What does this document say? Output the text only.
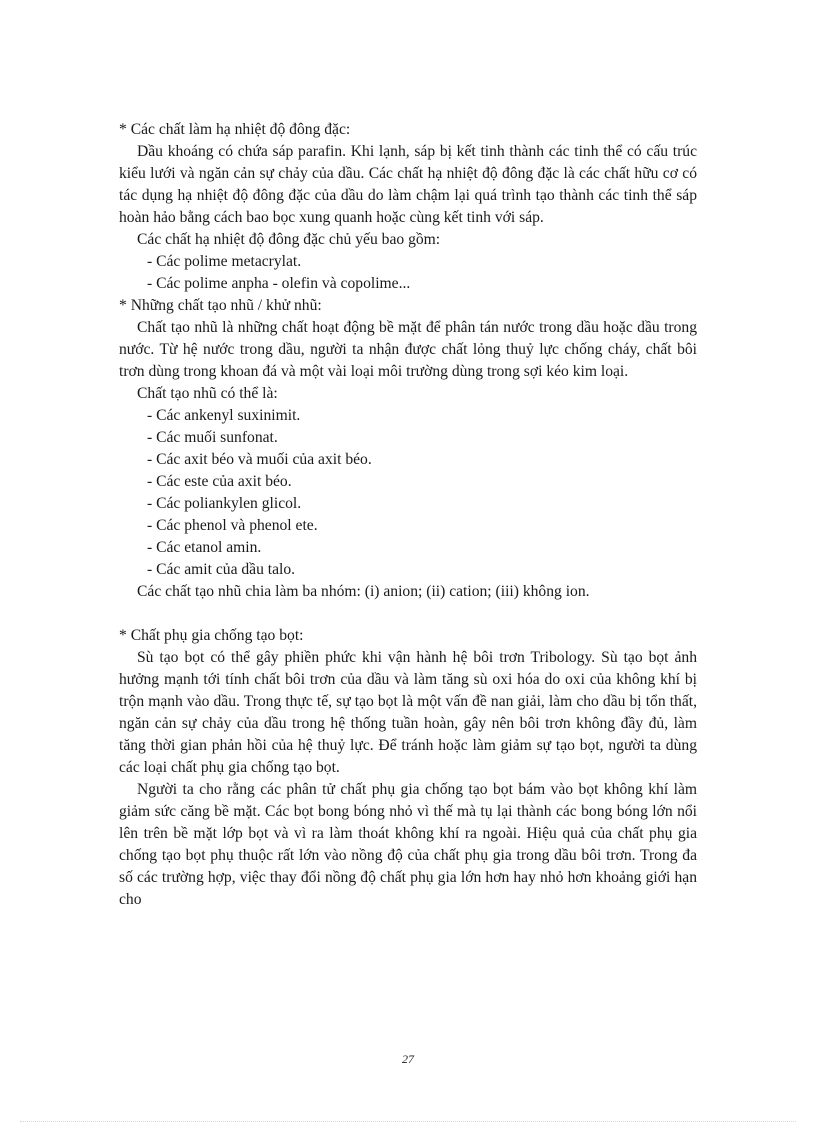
* Các chất làm hạ nhiệt độ đông đặc:

Dầu khoáng có chứa sáp parafin. Khi lạnh, sáp bị kết tinh thành các tinh thể có cấu trúc kiểu lưới và ngăn cản sự chảy của dầu. Các chất hạ nhiệt độ đông đặc là các chất hữu cơ có tác dụng hạ nhiệt độ đông đặc của dầu do làm chậm lại quá trình tạo thành các tinh thể sáp hoàn hảo bằng cách bao bọc xung quanh hoặc cùng kết tinh với sáp.

Các chất hạ nhiệt độ đông đặc chủ yếu bao gồm:

- Các polime metacrylat.
- Các polime anpha - olefin và copolime...

* Những chất tạo nhũ / khử nhũ:

Chất tạo nhũ là những chất hoạt động bề mặt để phân tán nước trong dầu hoặc dầu trong nước. Từ hệ nước trong dầu, người ta nhận được chất lỏng thuỷ lực chống cháy, chất bôi trơn dùng trong khoan đá và một vài loại môi trường dùng trong sợi kéo kim loại.

Chất tạo nhũ có thể là:

- Các ankenyl suxinimit.
- Các muối sunfonat.
- Các axit béo và muối của axit béo.
- Các este của axit béo.
- Các poliankylen glicol.
- Các phenol và phenol ete.
- Các etanol amin.
- Các amit của dầu talo.

Các chất tạo nhũ chia làm ba nhóm: (i) anion; (ii) cation; (iii) không ion.

* Chất phụ gia chống tạo bọt:

Sù tạo bọt có thể gây phiền phức khi vận hành hệ bôi trơn Tribology. Sù tạo bọt ảnh hưởng mạnh tới tính chất bôi trơn của dầu và làm tăng sù oxi hóa do oxi của không khí bị trộn mạnh vào dầu. Trong thực tế, sự tạo bọt là một vấn đề nan giải, làm cho dầu bị tổn thất, ngăn cản sự chảy của dầu trong hệ thống tuần hoàn, gây nên bôi trơn không đầy đủ, làm tăng thời gian phản hồi của hệ thuỷ lực. Để tránh hoặc làm giảm sự tạo bọt, người ta dùng các loại chất phụ gia chống tạo bọt.

Người ta cho rằng các phân tử chất phụ gia chống tạo bọt bám vào bọt không khí làm giảm sức căng bề mặt. Các bọt bong bóng nhỏ vì thế mà tụ lại thành các bong bóng lớn nổi lên trên bề mặt lớp bọt và vì ra làm thoát không khí ra ngoài. Hiệu quả của chất phụ gia chống tạo bọt phụ thuộc rất lớn vào nồng độ của chất phụ gia trong dầu bôi trơn. Trong đa số các trường hợp, việc thay đổi nồng độ chất phụ gia lớn hơn hay nhỏ hơn khoảng giới hạn cho

27
